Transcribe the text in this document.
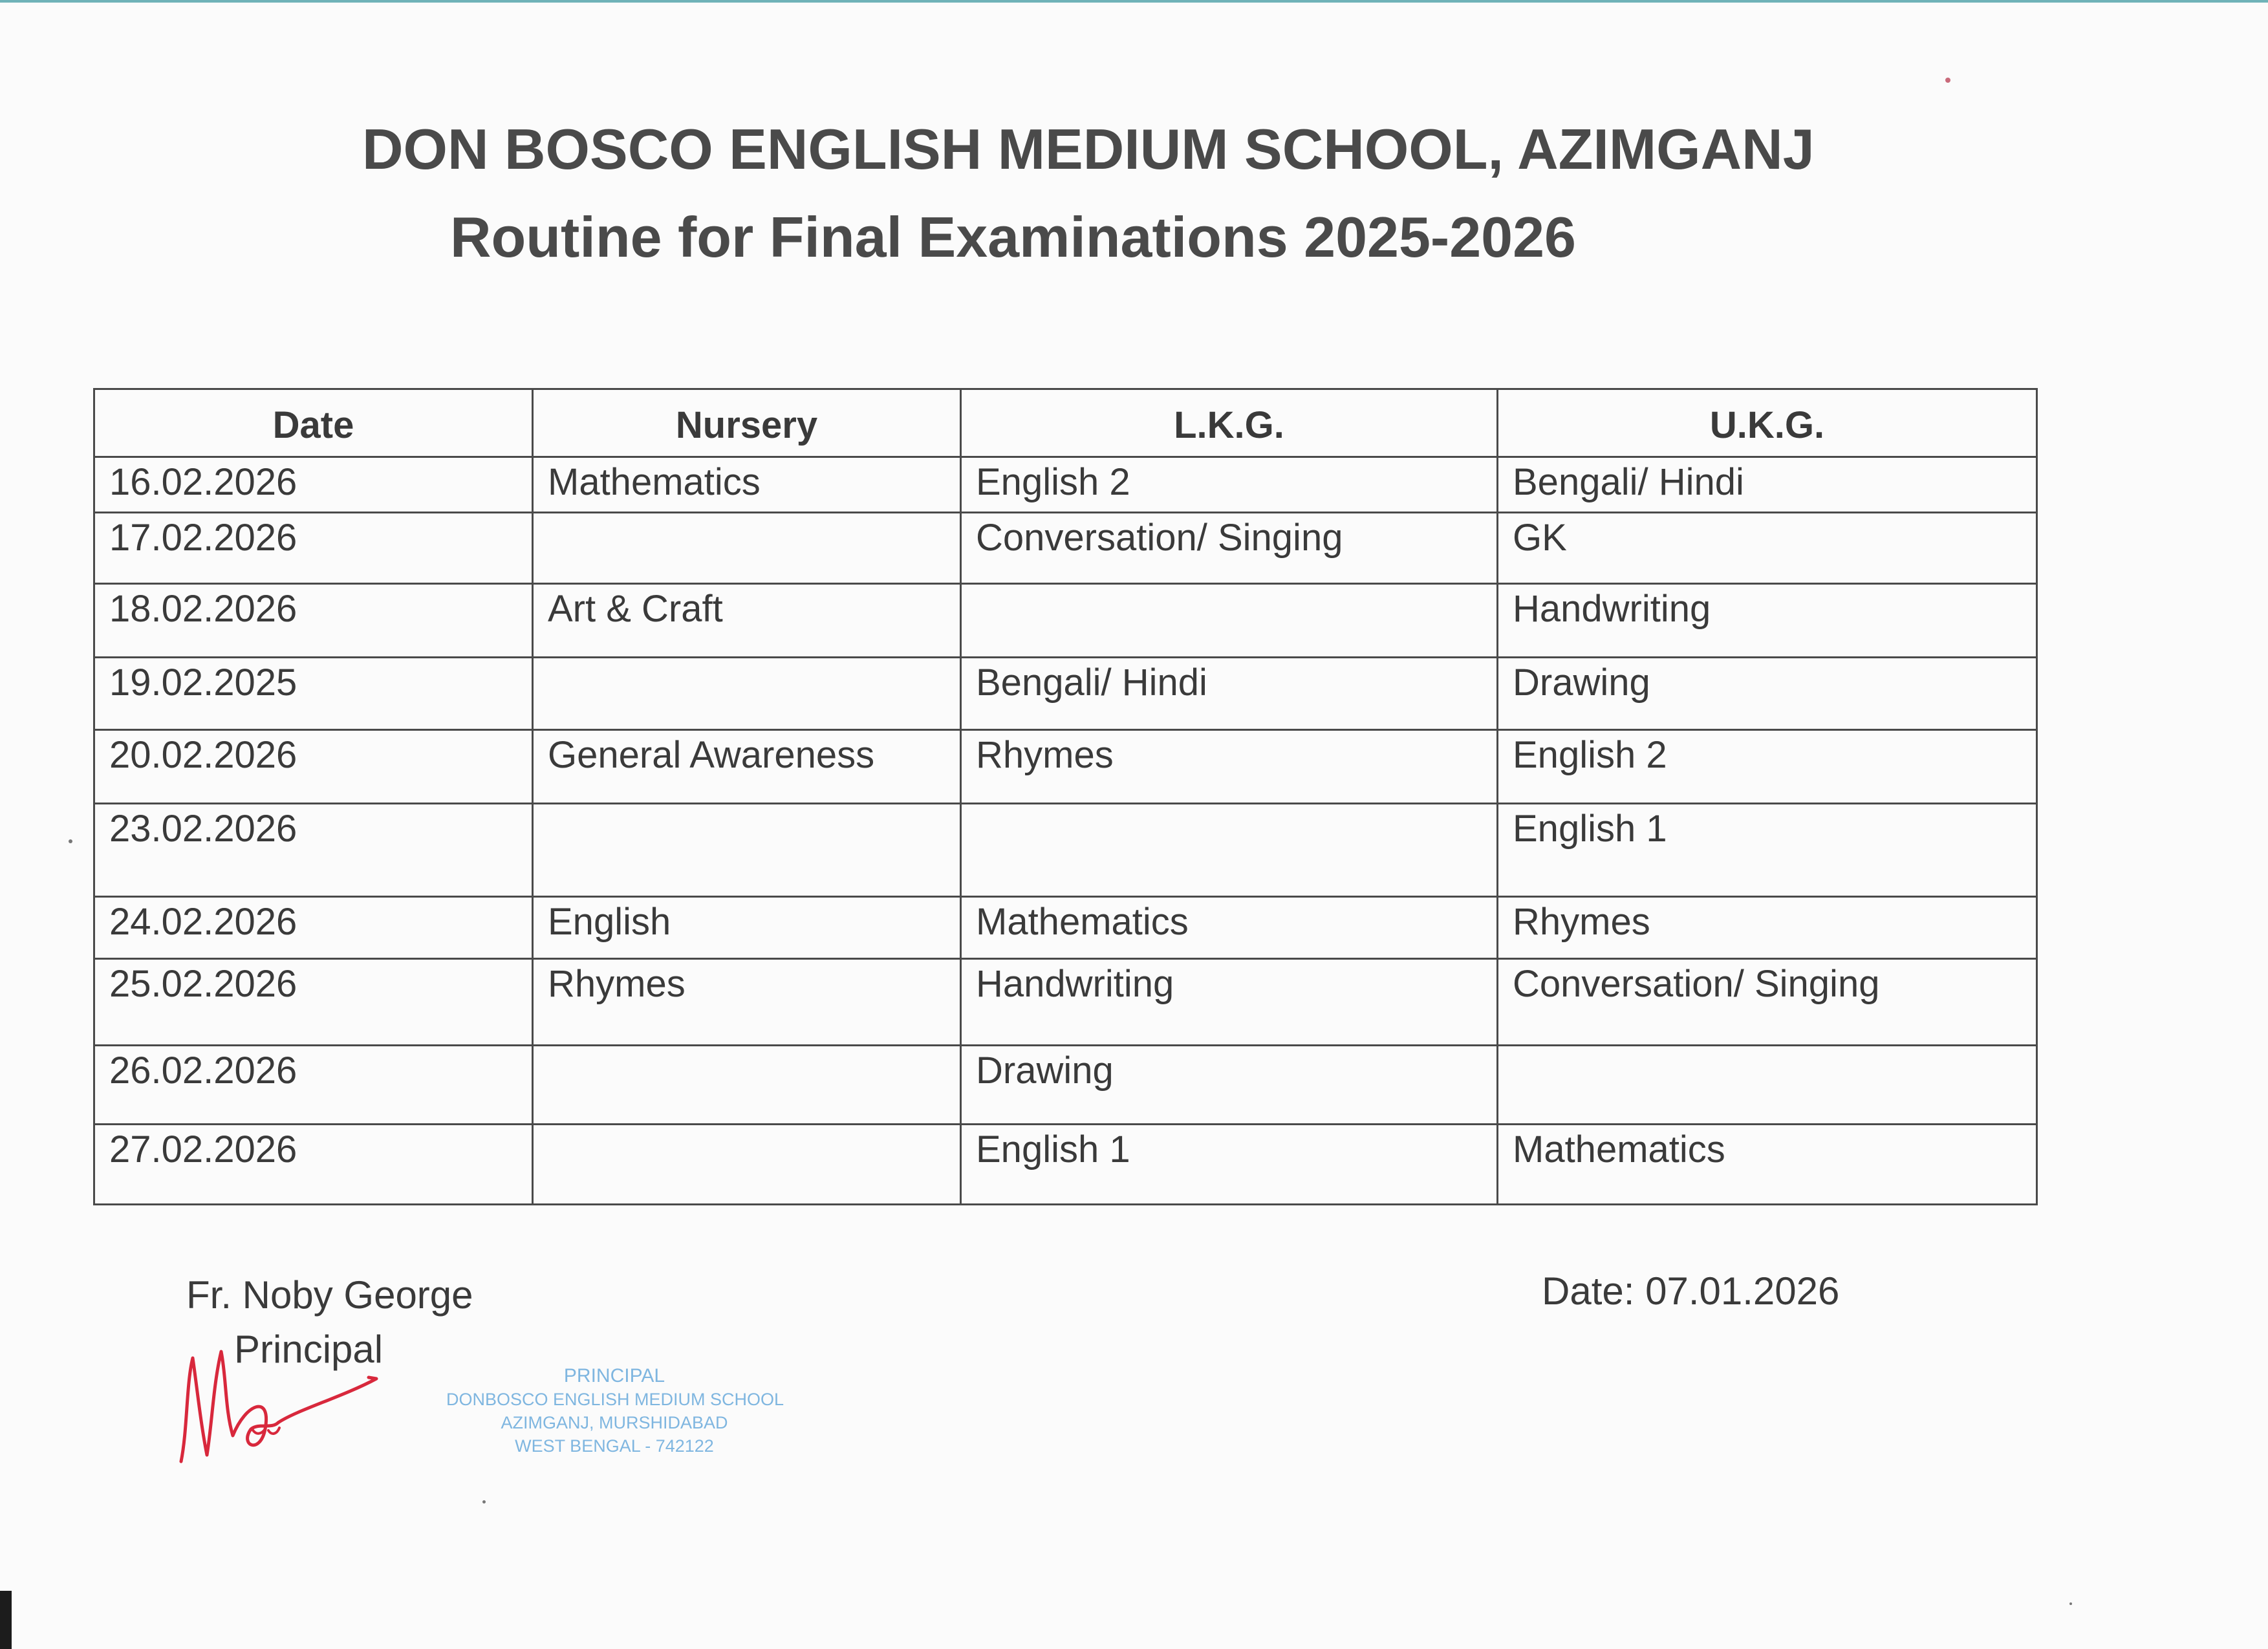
DON BOSCO ENGLISH MEDIUM SCHOOL, AZIMGANJ
Routine for Final Examinations 2025-2026
Date	Nursery	L.K.G.	U.K.G.
16.02.2026	Mathematics	English 2	Bengali/ Hindi
17.02.2026		Conversation/ Singing	GK
18.02.2026	Art & Craft		Handwriting
19.02.2025		Bengali/ Hindi	Drawing
20.02.2026	General Awareness	Rhymes	English 2
23.02.2026			English 1
24.02.2026	English	Mathematics	Rhymes
25.02.2026	Rhymes	Handwriting	Conversation/ Singing
26.02.2026		Drawing	
27.02.2026		English 1	Mathematics
Fr. Noby George
Principal
PRINCIPAL
DONBOSCO ENGLISH MEDIUM SCHOOL
AZIMGANJ, MURSHIDABAD
WEST BENGAL - 742122
Date: 07.01.2026
